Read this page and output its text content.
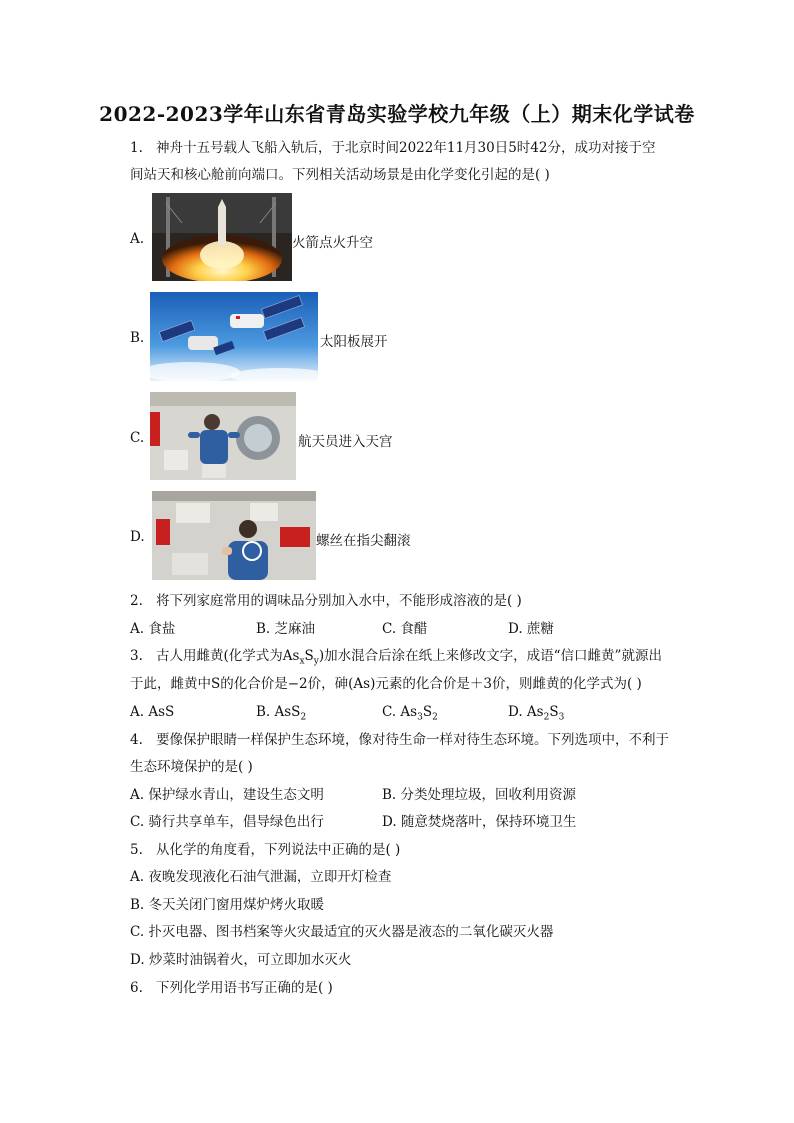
2022-2023学年山东省青岛实验学校九年级（上）期末化学试卷
1. 神舟十五号载人飞船入轨后，于北京时间2022年11月30日5时42分，成功对接于空
间站天和核心舱前向端口。下列相关活动场景是由化学变化引起的是( )
A.	火箭点火升空
B.	太阳板展开
C.	航天员进入天宫
D.	螺丝在指尖翻滚
2. 将下列家庭常用的调味品分别加入水中，不能形成溶液的是( )
A. 食盐	B. 芝麻油	C. 食醋	D. 蔗糖
3. 古人用雌黄(化学式为$As_xS_y$)加水混合后涂在纸上来修改文字，成语“信口雌黄”就源出
于此，雌黄中S的化合价是−2价，砷(As)元素的化合价是＋3价，则雌黄的化学式为( )
A. AsS	B. AsS$_2$	C. $As_3S_2$	D. $As_2S_3$
4. 要像保护眼睛一样保护生态环境，像对待生命一样对待生态环境。下列选项中，不利于
生态环境保护的是( )
A. 保护绿水青山，建设生态文明	B. 分类处理垃圾，回收利用资源
C. 骑行共享单车，倡导绿色出行	D. 随意焚烧落叶，保持环境卫生
5. 从化学的角度看，下列说法中正确的是( )
A. 夜晚发现液化石油气泄漏，立即开灯检查
B. 冬天关闭门窗用煤炉烤火取暖
C. 扑灭电器、图书档案等火灾最适宜的灭火器是液态的二氧化碳灭火器
D. 炒菜时油锅着火，可立即加水灭火
6. 下列化学用语书写正确的是( )
